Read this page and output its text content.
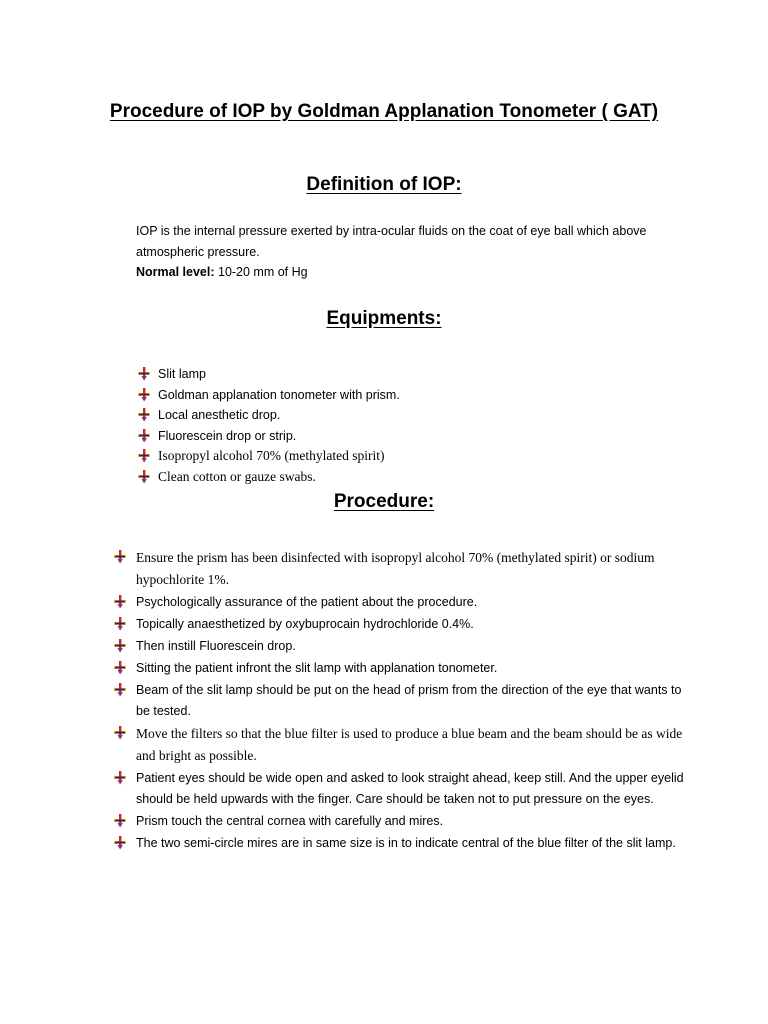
Procedure of IOP by Goldman Applanation Tonometer ( GAT)
Definition of IOP:
IOP is the internal pressure exerted by intra-ocular fluids on the coat of eye ball which above atmospheric pressure.
Normal level: 10-20 mm of Hg
Equipments:
Slit lamp
Goldman applanation tonometer with prism.
Local anesthetic drop.
Fluorescein drop or strip.
Isopropyl alcohol 70% (methylated spirit)
Clean cotton or gauze swabs.
Procedure:
Ensure the prism has been disinfected with isopropyl alcohol 70% (methylated spirit) or sodium hypochlorite 1%.
Psychologically assurance of the patient about the procedure.
Topically anaesthetized by oxybuprocain hydrochloride 0.4%.
Then instill Fluorescein drop.
Sitting the patient infront the slit lamp with applanation tonometer.
Beam of the slit lamp should be put on the head of prism from the direction of the eye that wants to be tested.
Move the filters so that the blue filter is used to produce a blue beam and the beam should be as wide and bright as possible.
Patient eyes should be wide open and asked to look straight ahead, keep still. And the upper eyelid should be held upwards with the finger. Care should be taken not to put pressure on the eyes.
Prism touch the central cornea with carefully and mires.
The two semi-circle mires are in same size is in to indicate central of the blue filter of the slit lamp.
